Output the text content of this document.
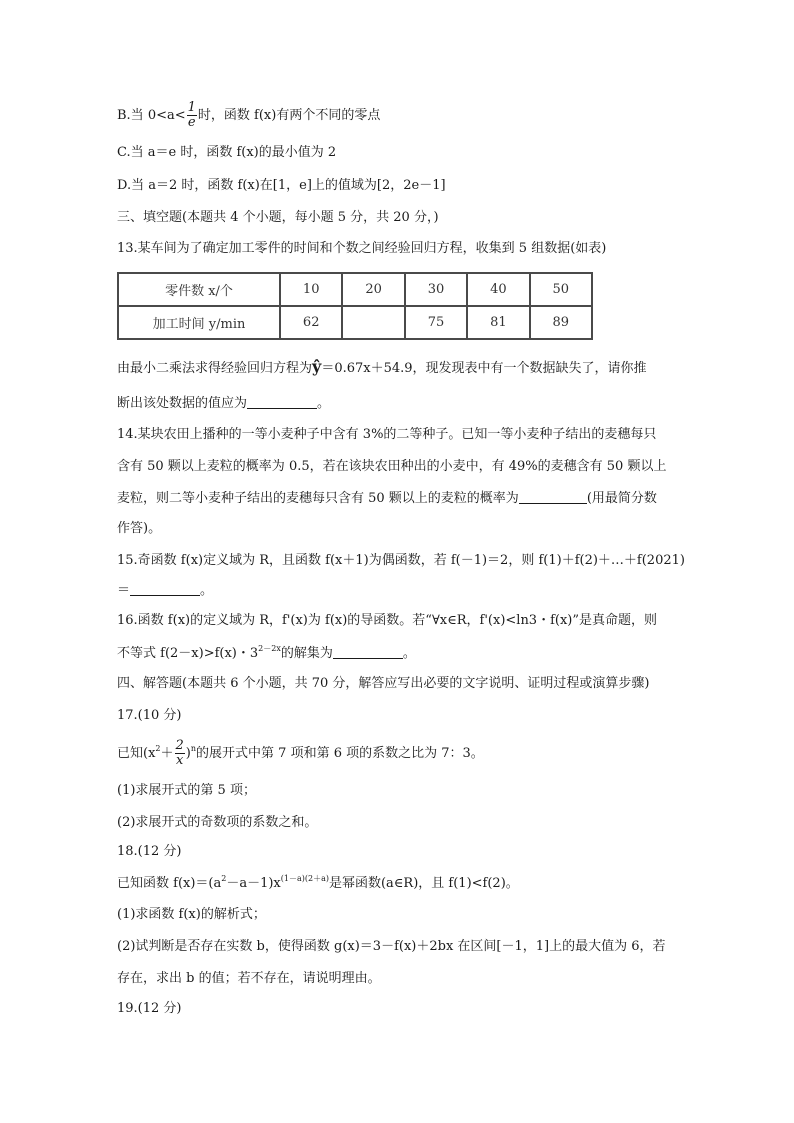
B.当 $0<a< \frac{1}{e}$ 时，函数 f(x)有两个不同的零点
C.当 a＝e 时，函数 f(x)的最小值为 2
D.当 a＝2 时，函数 f(x)在[1，e]上的值域为[2，2e－1]
三、填空题(本题共 4 个小题，每小题 5 分，共 20 分，)
13.某车间为了确定加工零件的时间和个数之间经验回归方程，收集到 5 组数据(如表)
零件数 x/个	10	20	30	40	50
加工时间 y/min	62		75	81	89
由最小二乘法求得经验回归方程为ŷ＝0.67x＋54.9，现发现表中有一个数据缺失了，请你推
断出该处数据的值应为	。
14.某块农田上播种的一等小麦种子中含有 3%的二等种子。已知一等小麦种子结出的麦穗每只
含有 50 颗以上麦粒的概率为 0.5，若在该块农田种出的小麦中，有 49%的麦穗含有 50 颗以上
麦粒，则二等小麦种子结出的麦穗每只含有 50 颗以上的麦粒的概率为	(用最简分数
作答)。
15.奇函数 f(x)定义域为 R，且函数 f(x＋1)为偶函数，若 f(－1)＝2，则 f(1)＋f(2)＋…＋f(2021)
＝	。
16.函数 f(x)的定义域为 R，f'(x)为 f(x)的导函数。若“∀x∈R，f'(x)<ln3・f(x)”是真命题，则
不等式 f(2－x)>f(x)・$3^{2-2x}$的解集为	。
四、解答题(本题共 6 个小题，共 70 分，解答应写出必要的文字说明、证明过程或演算步骤)
17.(10 分)
已知$(x^2+ \frac{2}{x} )^n$的展开式中第 7 项和第 6 项的系数之比为 7：3。
(1)求展开式的第 5 项；
(2)求展开式的奇数项的系数之和。
18.(12 分)
已知函数 $f(x)=(a^2-a-1)x^{(1-a)(2+a)}$是幂函数(a∈R)，且 f(1)<f(2)。
(1)求函数 f(x)的解析式；
(2)试判断是否存在实数 b，使得函数 g(x)＝3－f(x)＋2bx 在区间[－1，1]上的最大值为 6，若
存在，求出 b 的值；若不存在，请说明理由。
19.(12 分)
